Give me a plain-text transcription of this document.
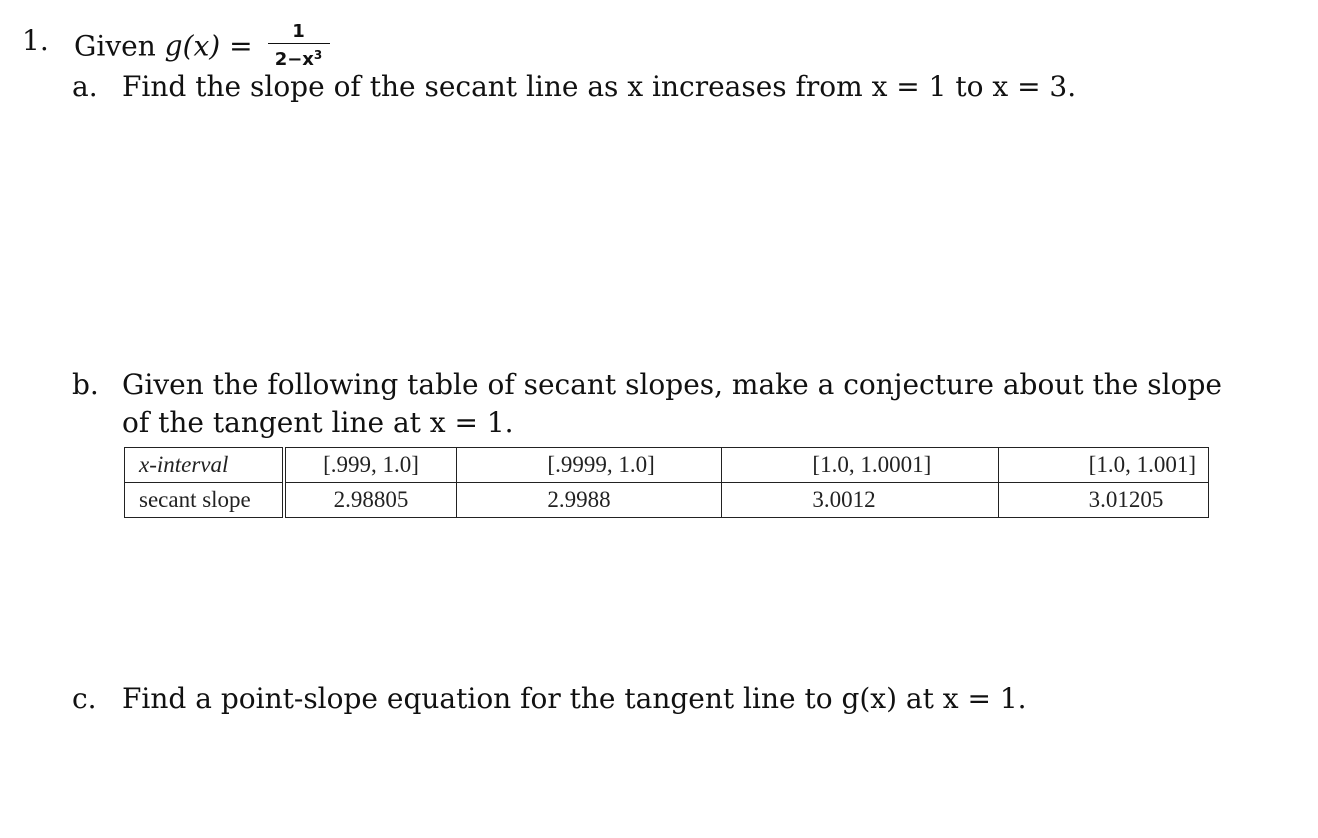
1. Given $g(x) = \frac{1}{2-x^3}$
a. Find the slope of the secant line as x increases from x = 1 to x = 3.
b. Given the following table of secant slopes, make a conjecture about the slope of the tangent line at x = 1.
x-interval	[.999, 1.0]	[.9999, 1.0]	[1.0, 1.0001]	[1.0, 1.001]
secant slope	2.98805	2.9988	3.0012	3.01205
c. Find a point-slope equation for the tangent line to g(x) at x = 1.
